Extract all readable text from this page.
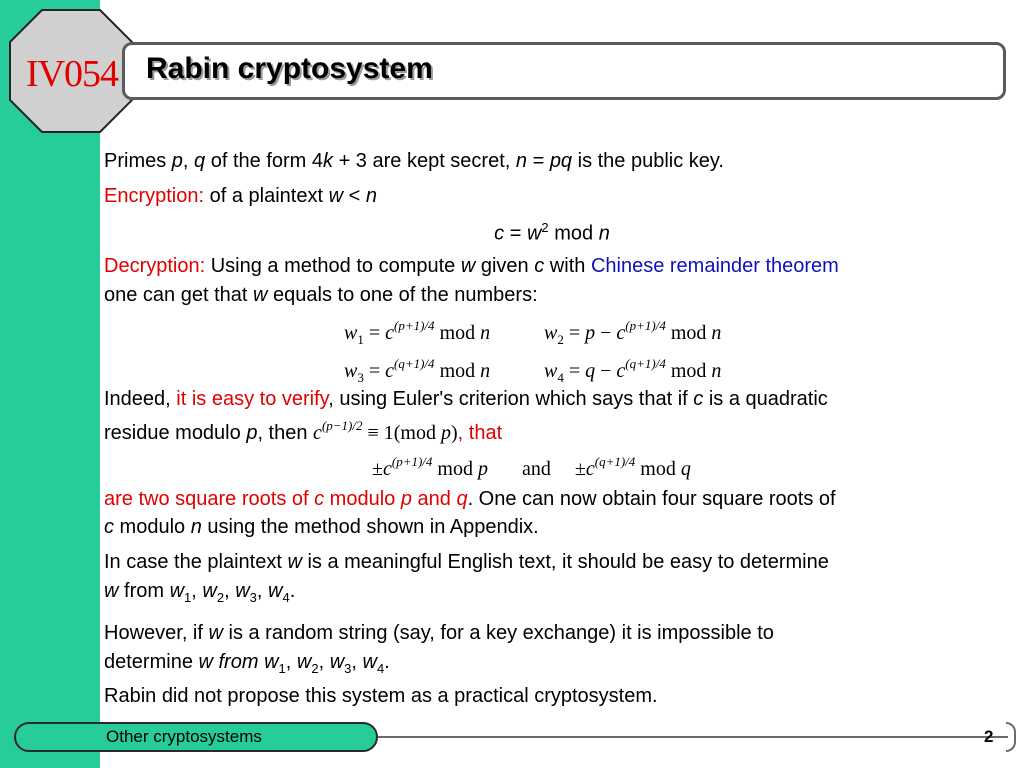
IV054 Rabin cryptosystem
Primes p, q of the form 4k + 3 are kept secret, n = pq is the public key.
Encryption: of a plaintext w < n
$c = w^2$ mod n
Decryption: Using a method to compute w given c with Chinese remainder theorem
one can get that w equals to one of the numbers:
$w_1 = c^{(p+1)/4}$ mod n	$w_2 = p - c^{(p+1)/4}$ mod n
$w_3 = c^{(q+1)/4}$ mod n	$w_4 = q - c^{(q+1)/4}$ mod n
Indeed, it is easy to verify, using Euler's criterion which says that if c is a quadratic
residue modulo p, then $c^{(p-1)/2} \equiv 1(mod$ p), that
$\pm c^{(p+1)/4}$ mod p and $\pm c^{(q+1)/4}$ mod q
are two square roots of c modulo p and q. One can now obtain four square roots of
c modulo n using the method shown in Appendix.
In case the plaintext w is a meaningful English text, it should be easy to determine
w from $w_1$, $w_2$, $w_3$, $w_4$.
However, if w is a random string (say, for a key exchange) it is impossible to
determine w from $w_1$, $w_2$, $w_3$, $w_4$.
Rabin did not propose this system as a practical cryptosystem.
Other cryptosystems	2
